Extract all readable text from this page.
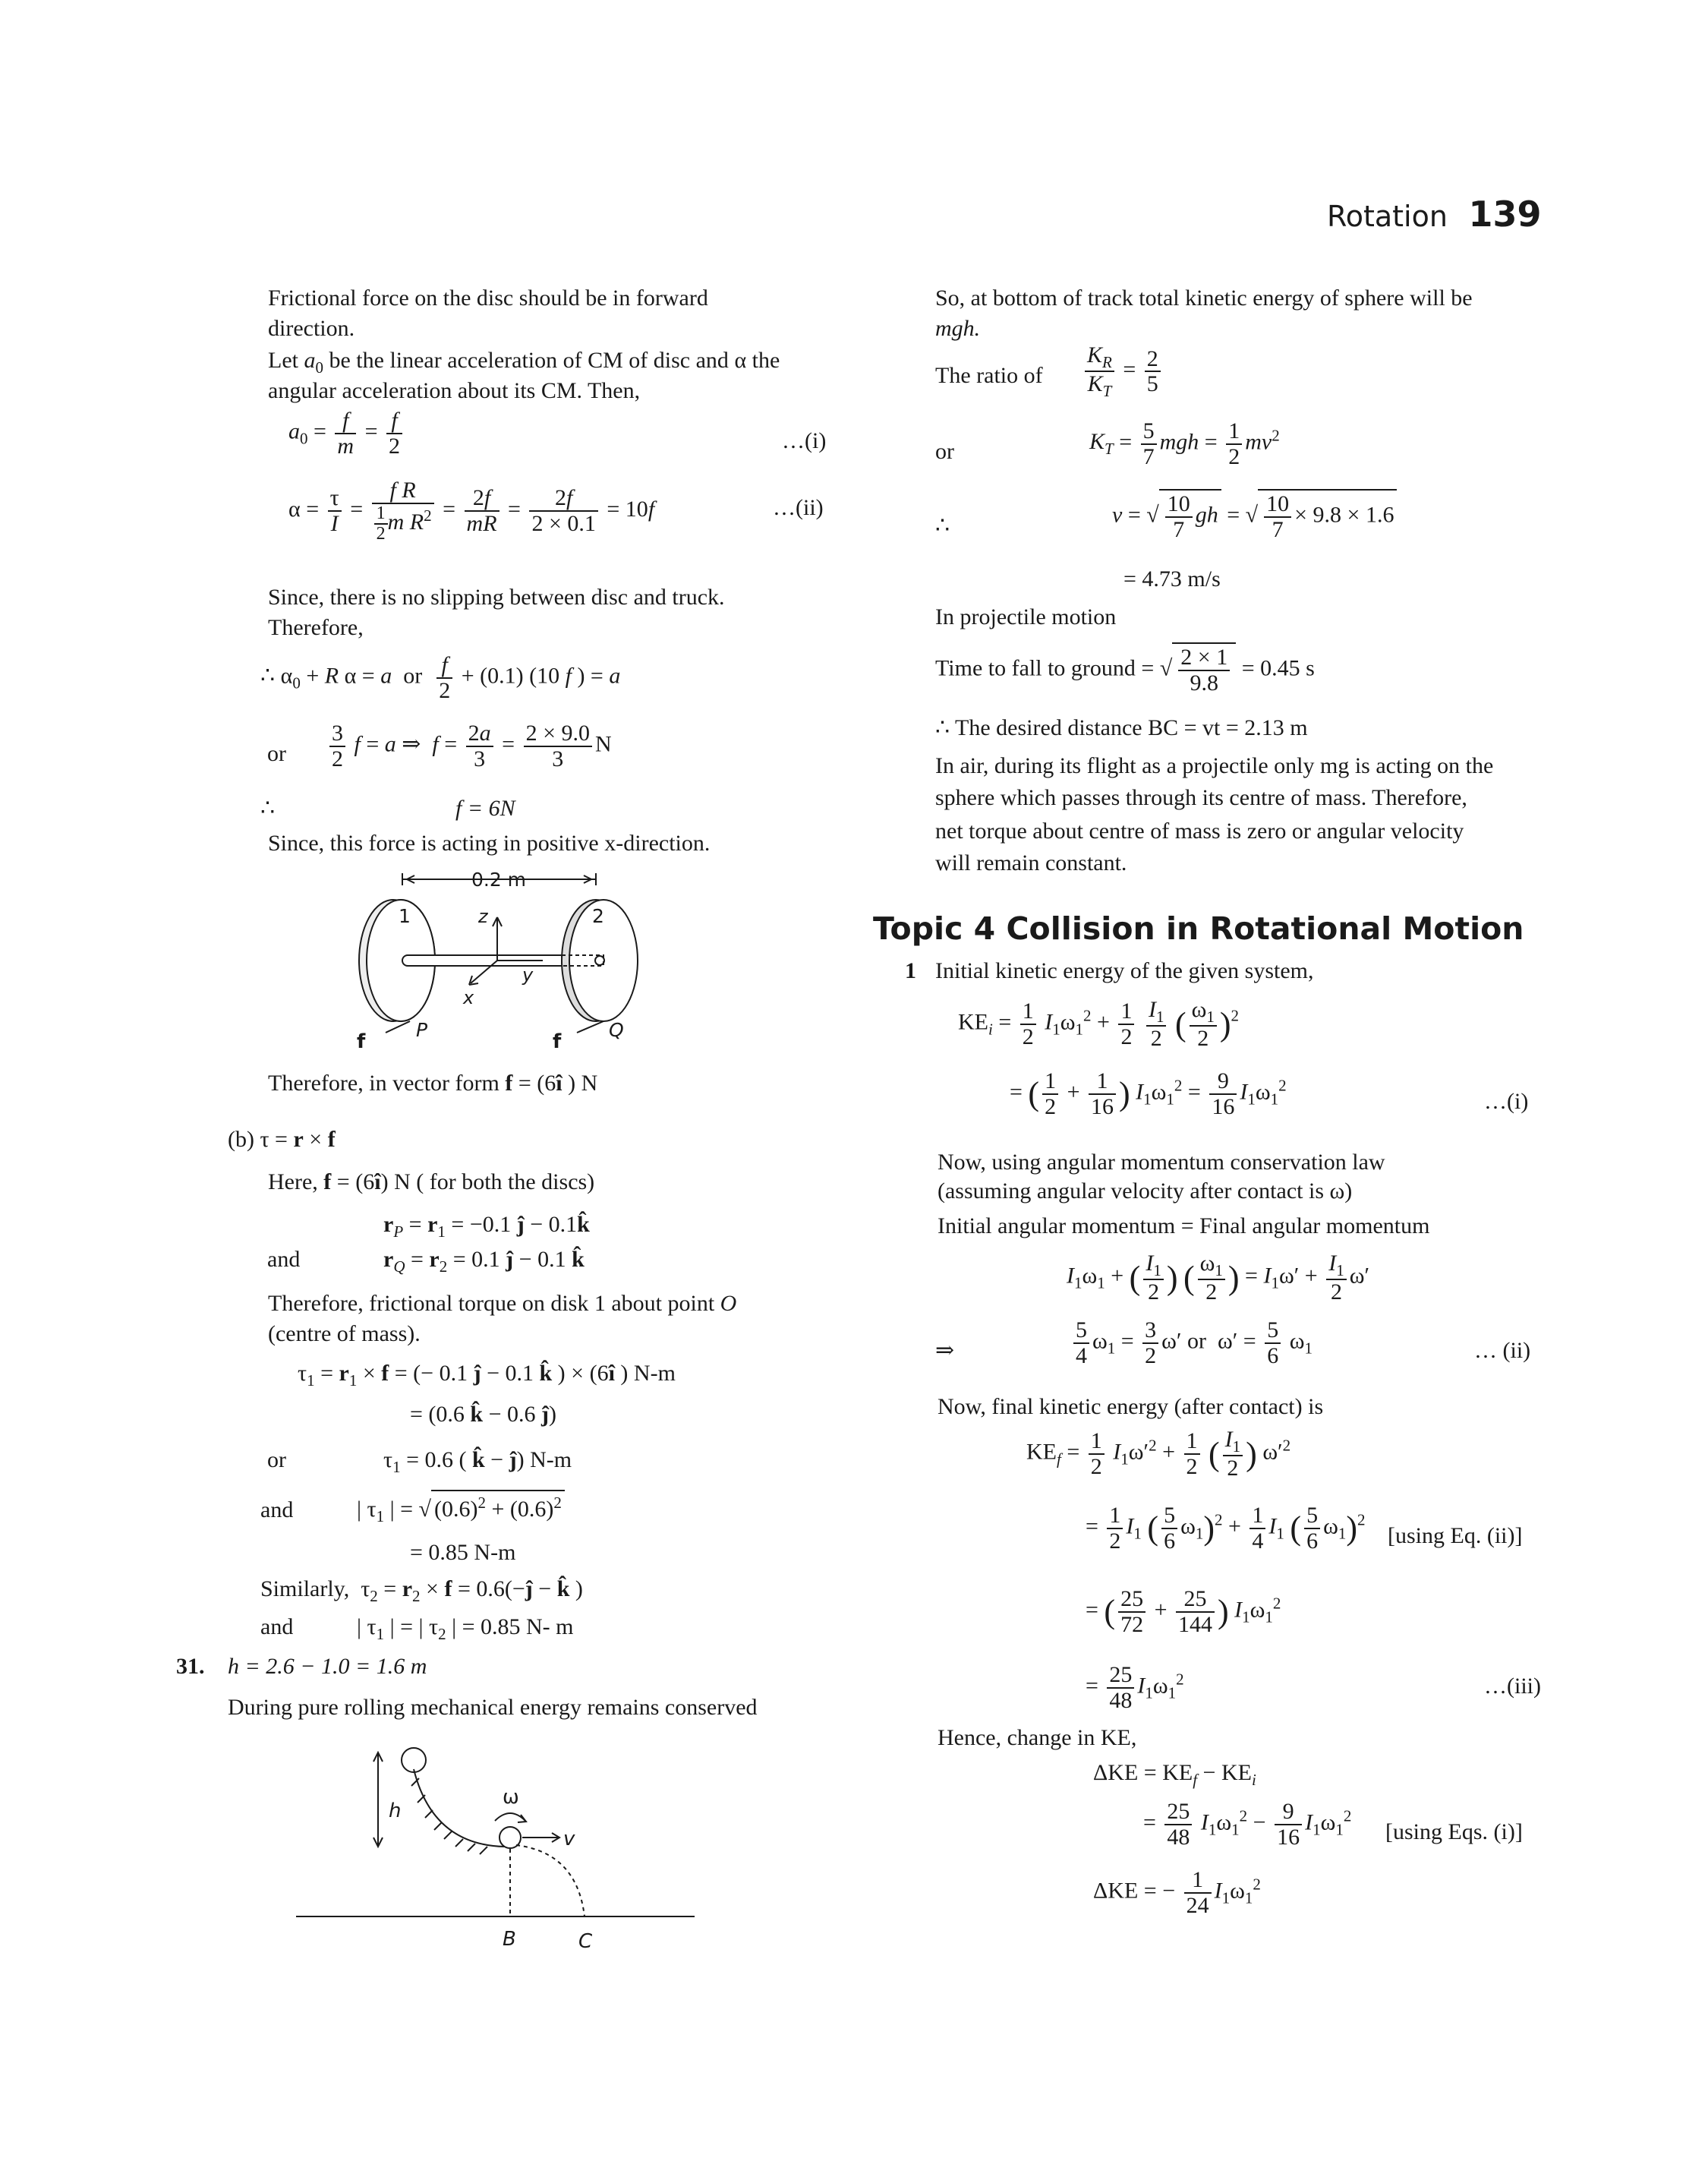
Rotation 139
Frictional force on the disc should be in forward
direction.
Let $a_0$ be the linear acceleration of CM of disc and α the
angular acceleration about its CM. Then,
$a_0 = \frac{f}{m} = \frac{f}{2}$	…(i)
$\alpha = \frac{\tau}{I} = \frac{\text{f R}}{\frac{1}{2} m R^2} = \frac{2f}{mR} = \frac{2f}{2 \times 0.1} = 10f$	…(ii)
Since, there is no slipping between disc and truck.
Therefore,
∴ $\alpha_0 + R$ α = a  or $\frac{f}{2} + (0.1)$ (10 f ) = a
or $\frac{3}{2}$ f = a ⇒  $f = \frac{2a}{3} = \frac{2 \times 9.0}{3}$ N
∴	f = 6N
Since, this force is acting in positive x-direction.
0.2 m
1	2
z
y
x
P	Q
f	f
Therefore, in vector form f = (6î ) N
(b) τ = r × f
Here, f = (6î) N ( for both the discs)
$r_P = r_1 = -0.1$ ĵ − 0.1k̂
and	$r_Q = r_2 = 0.1$ ĵ − 0.1 k̂
Therefore, frictional torque on disk 1 about point O
(centre of mass).
$\tau_1 = r_1 \times f$ = (− 0.1 ĵ − 0.1 k̂ ) × (6î ) N-m
= (0.6 k̂ − 0.6 ĵ)
or	$\tau_1 = 0.6$ ( k̂ − ĵ) N-m
and	| $\tau_1$ | = √ $(0.6)^2 + (0.6)^2$
= 0.85 N-m
Similarly,  $\tau_2 = r_2 \times f$ = 0.6(−ĵ − k̂ )
and	| $\tau_1$ | = | $\tau_2$ | = 0.85 N- m
31. h = 2.6 − 1.0 = 1.6 m
During pure rolling mechanical energy remains conserved
h
ω
v
B	C
So, at bottom of track total kinetic energy of sphere will be
mgh.
The ratio of $\frac{K_R}{K_T} = \frac{2}{5}$
or	$K_T = \frac{5}{7}$ mgh = $\frac{1}{2} mv^2$
∴	v = √ $\frac{10}{7}$ gh = √ $\frac{10}{7} \times 9.8 \times 1.6$
= 4.73 m/s
In projectile motion
Time to fall to ground = √ $\frac{2 \times 1}{9.8} = 0.45$ s
∴ The desired distance BC = vt = 2.13 m
In air, during its flight as a projectile only mg is acting on the
sphere which passes through its centre of mass. Therefore,
net torque about centre of mass is zero or angular velocity
will remain constant.
Topic 4 Collision in Rotational Motion
1 Initial kinetic energy of the given system,
$KE_i = \frac{1}{2} I_1\omega_1^2 + \frac{1}{2}$
$\frac{I_1}{2}$ ( $\frac{\omega_1}{2} )^2$
= ( $\frac{1}{2} + \frac{1}{16}$ ) $I_1\omega_1^2 = \frac{9}{16} I_1\omega_1^2$
…(i)
Now, using angular momentum conservation law
(assuming angular velocity after contact is ω)
Initial angular momentum = Final angular momentum
$I_1\omega_1$ + ( $\frac{I_1}{2}$ ) ( $\frac{\omega_1}{2}$ ) = $I_1\omega' + \frac{I_1}{2} \omega'$
⇒	$\frac{5}{4} \omega_1 = \frac{3}{2} \omega'$ or  $\omega' = \frac{5}{6} \omega_1$	… (ii)
Now, final kinetic energy (after contact) is
$KE_f = \frac{1}{2} I_1\omega'^2 + \frac{1}{2}$ ( $\frac{I_1}{2}$ ) $\omega'^2$
= $\frac{1}{2} I_1$ ( $\frac{5}{6} \omega_1)^2 + \frac{1}{4} I_1$ ( $\frac{5}{6} \omega_1)^2$
[using Eq. (ii)]
= ( $\frac{25}{72} + \frac{25}{144}$ ) $I_1\omega_1^2$
= $\frac{25}{48} I_1\omega_1^2$	…(iii)
Hence, change in KE,
$\Delta KE = KE_f - KE_i$
= $\frac{25}{48} I_1\omega_1^2 - \frac{9}{16} I_1\omega_1^2$
[using Eqs. (i)]
ΔKE = − $\frac{1}{24} I_1\omega_1^2$
